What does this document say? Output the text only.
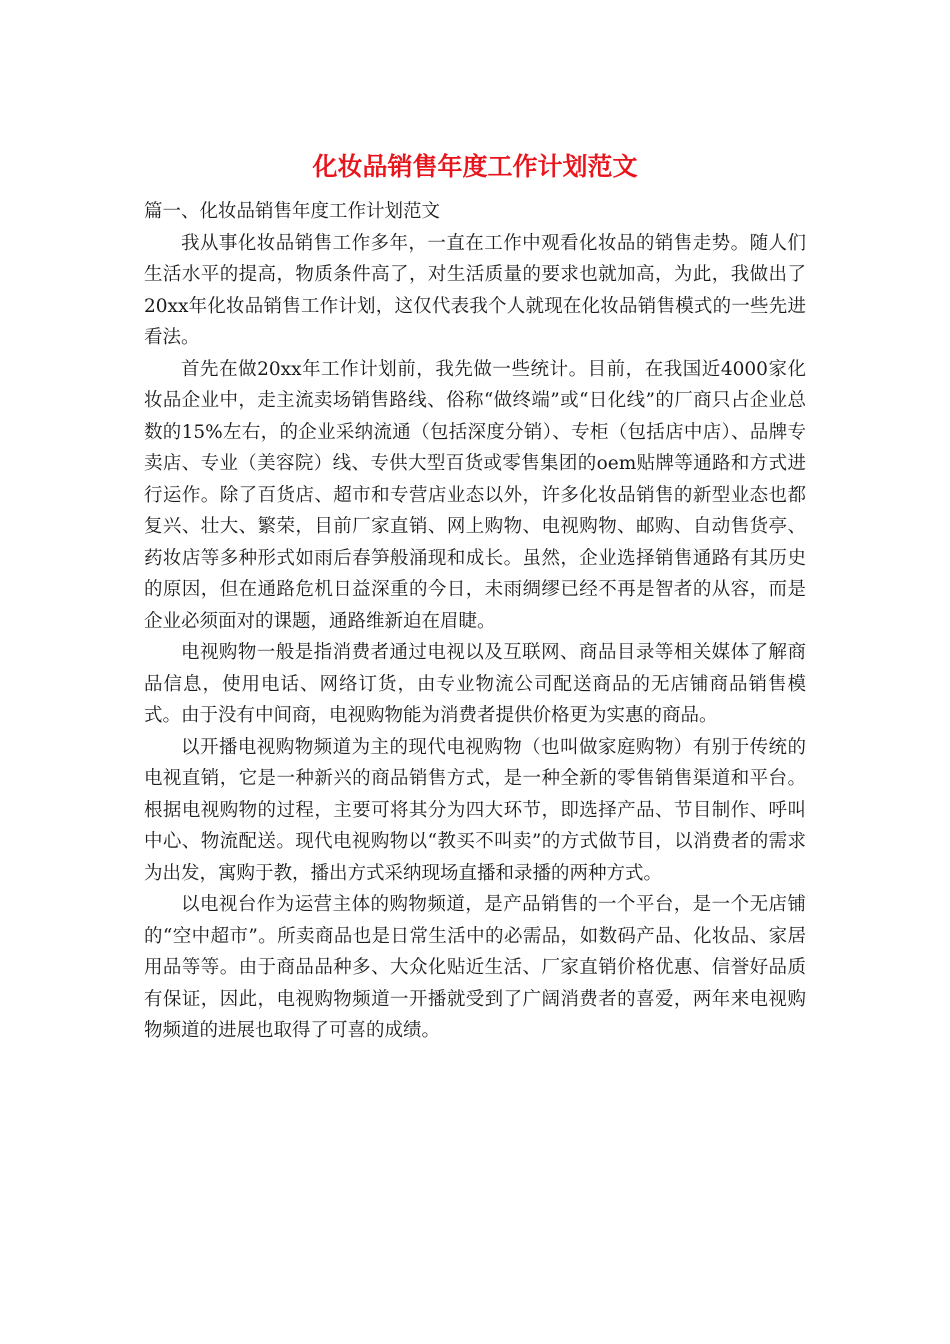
化妆品销售年度工作计划范文

篇一、化妆品销售年度工作计划范文

我从事化妆品销售工作多年，一直在工作中观看化妆品的销售走势。随人们生活水平的提高，物质条件高了，对生活质量的要求也就加高，为此，我做出了20xx年化妆品销售工作计划，这仅代表我个人就现在化妆品销售模式的一些先进看法。

首先在做20xx年工作计划前，我先做一些统计。目前，在我国近4000家化妆品企业中，走主流卖场销售路线、俗称“做终端”或“日化线”的厂商只占企业总数的15%左右，的企业采纳流通（包括深度分销）、专柜（包括店中店）、品牌专卖店、专业（美容院）线、专供大型百货或零售集团的oem贴牌等通路和方式进行运作。除了百货店、超市和专营店业态以外，许多化妆品销售的新型业态也都复兴、壮大、繁荣，目前厂家直销、网上购物、电视购物、邮购、自动售货亭、药妆店等多种形式如雨后春笋般涌现和成长。虽然，企业选择销售通路有其历史的原因，但在通路危机日益深重的今日，未雨绸缪已经不再是智者的从容，而是企业必须面对的课题，通路维新迫在眉睫。

电视购物一般是指消费者通过电视以及互联网、商品目录等相关媒体了解商品信息，使用电话、网络订货，由专业物流公司配送商品的无店铺商品销售模式。由于没有中间商，电视购物能为消费者提供价格更为实惠的商品。

以开播电视购物频道为主的现代电视购物（也叫做家庭购物）有别于传统的电视直销，它是一种新兴的商品销售方式，是一种全新的零售销售渠道和平台。根据电视购物的过程，主要可将其分为四大环节，即选择产品、节目制作、呼叫中心、物流配送。现代电视购物以“教买不叫卖”的方式做节目，以消费者的需求为出发，寓购于教，播出方式采纳现场直播和录播的两种方式。

以电视台作为运营主体的购物频道，是产品销售的一个平台，是一个无店铺的“空中超市”。所卖商品也是日常生活中的必需品，如数码产品、化妆品、家居用品等等。由于商品品种多、大众化贴近生活、厂家直销价格优惠、信誉好品质有保证，因此，电视购物频道一开播就受到了广阔消费者的喜爱，两年来电视购物频道的进展也取得了可喜的成绩。
